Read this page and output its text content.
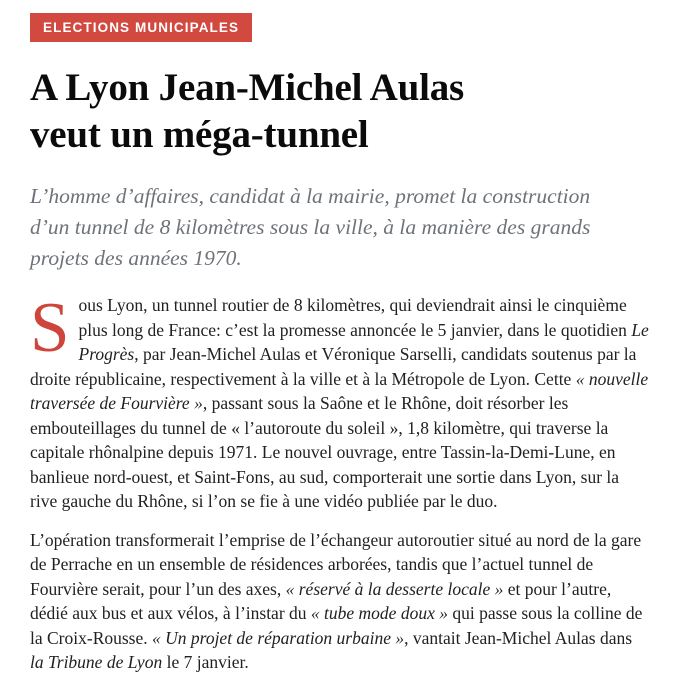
ELECTIONS MUNICIPALES
A Lyon Jean-Michel Aulas
veut un méga-tunnel

L’homme d’affaires, candidat à la mairie, promet la construction d’un tunnel de 8 kilomètres sous la ville, à la manière des grands projets des années 1970.

Sous Lyon, un tunnel routier de 8 kilomètres, qui deviendrait ainsi le cinquième plus long de France: c’est la promesse annoncée le 5 janvier, dans le quotidien Le Progrès, par Jean-Michel Aulas et Véronique Sarselli, candidats soutenus par la droite républicaine, respectivement à la ville et à la Métropole de Lyon. Cette « nouvelle traversée de Fourvière », passant sous la Saône et le Rhône, doit résorber les embouteillages du tunnel de « l’autoroute du soleil », 1,8 kilomètre, qui traverse la capitale rhônalpine depuis 1971. Le nouvel ouvrage, entre Tassin-la-Demi-Lune, en banlieue nord-ouest, et Saint-Fons, au sud, comporterait une sortie dans Lyon, sur la rive gauche du Rhône, si l’on se fie à une vidéo publiée par le duo.

L’opération transformerait l’emprise de l’échangeur autoroutier situé au nord de la gare de Perrache en un ensemble de résidences arborées, tandis que l’actuel tunnel de Fourvière serait, pour l’un des axes, « réservé à la desserte locale » et pour l’autre, dédié aux bus et aux vélos, à l’instar du « tube mode doux » qui passe sous la colline de la Croix-Rousse. « Un projet de réparation urbaine », vantait Jean-Michel Aulas dans la Tribune de Lyon le 7 janvier.
